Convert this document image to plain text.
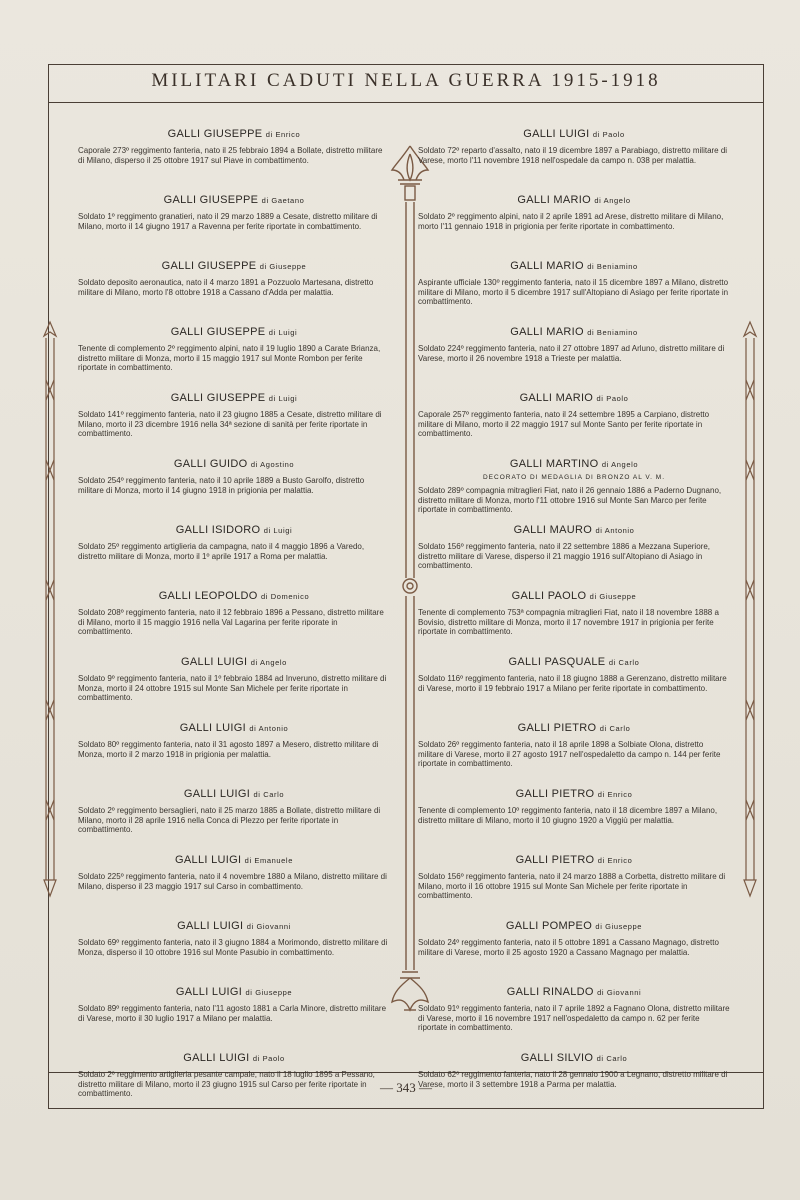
MILITARI CADUTI NELLA GUERRA 1915-1918
GALLI GIUSEPPE di Enrico
Caporale 273º reggimento fanteria, nato il 25 febbraio 1894 a Bollate, distretto militare di Milano, disperso il 25 ottobre 1917 sul Piave in combattimento.
GALLI GIUSEPPE di Gaetano
Soldato 1º reggimento granatieri, nato il 29 marzo 1889 a Cesate, distretto militare di Milano, morto il 14 giugno 1917 a Ravenna per ferite riportate in combattimento.
GALLI GIUSEPPE di Giuseppe
Soldato deposito aeronautica, nato il 4 marzo 1891 a Pozzuolo Martesana, distretto militare di Milano, morto l'8 ottobre 1918 a Cassano d'Adda per malattia.
GALLI GIUSEPPE di Luigi
Tenente di complemento 2º reggimento alpini, nato il 19 luglio 1890 a Carate Brianza, distretto militare di Monza, morto il 15 maggio 1917 sul Monte Rombon per ferite riportate in combattimento.
GALLI GIUSEPPE di Luigi
Soldato 141º reggimento fanteria, nato il 23 giugno 1885 a Cesate, distretto militare di Milano, morto il 23 dicembre 1916 nella 34ª sezione di sanità per ferite riportate in combattimento.
GALLI GUIDO di Agostino
Soldato 254º reggimento fanteria, nato il 10 aprile 1889 a Busto Garolfo, distretto militare di Monza, morto il 14 giugno 1918 in prigionia per malattia.
GALLI ISIDORO di Luigi
Soldato 25º reggimento artiglieria da campagna, nato il 4 maggio 1896 a Varedo, distretto militare di Monza, morto il 1º aprile 1917 a Roma per malattia.
GALLI LEOPOLDO di Domenico
Soldato 208º reggimento fanteria, nato il 12 febbraio 1896 a Pessano, distretto militare di Milano, morto il 15 maggio 1916 nella Val Lagarina per ferite riporate in combattimento.
GALLI LUIGI di Angelo
Soldato 9º reggimento fanteria, nato il 1º febbraio 1884 ad Inveruno, distretto militare di Monza, morto il 24 ottobre 1915 sul Monte San Michele per ferite riportate in combattimento.
GALLI LUIGI di Antonio
Soldato 80º reggimento fanteria, nato il 31 agosto 1897 a Mesero, distretto militare di Monza, morto il 2 marzo 1918 in prigionia per malattia.
GALLI LUIGI di Carlo
Soldato 2º reggimento bersaglieri, nato il 25 marzo 1885 a Bollate, distretto militare di Milano, morto il 28 aprile 1916 nella Conca di Plezzo per ferite riportate in combattimento.
GALLI LUIGI di Emanuele
Soldato 225º reggimento fanteria, nato il 4 novembre 1880 a Milano, distretto militare di Milano, disperso il 23 maggio 1917 sul Carso in combattimento.
GALLI LUIGI di Giovanni
Soldato 69º reggimento fanteria, nato il 3 giugno 1884 a Morimondo, distretto militare di Monza, disperso il 10 ottobre 1916 sul Monte Pasubio in combattimento.
GALLI LUIGI di Giuseppe
Soldato 89º reggimento fanteria, nato l'11 agosto 1881 a Carla Minore, distretto militare di Varese, morto il 30 luglio 1917 a Milano per malattia.
GALLI LUIGI di Paolo
Soldato 2º reggimento artiglieria pesante campale, nato il 18 luglio 1895 a Pessano, distretto militare di Milano, morto il 23 giugno 1915 sul Carso per ferite riportate in combattimento.
GALLI LUIGI di Paolo
Soldato 72º reparto d'assalto, nato il 19 dicembre 1897 a Parabiago, distretto militare di Varese, morto l'11 novembre 1918 nell'ospedale da campo n. 038 per malattia.
GALLI MARIO di Angelo
Soldato 2º reggimento alpini, nato il 2 aprile 1891 ad Arese, distretto militare di Milano, morto l'11 gennaio 1918 in prigionia per ferite riportate in combattimento.
GALLI MARIO di Beniamino
Aspirante ufficiale 130º reggimento fanteria, nato il 15 dicembre 1897 a Milano, distretto militare di Milano, morto il 5 dicembre 1917 sull'Altopiano di Asiago per ferite riportate in combattimento.
GALLI MARIO di Beniamino
Soldato 224º reggimento fanteria, nato il 27 ottobre 1897 ad Arluno, distretto militare di Varese, morto il 26 novembre 1918 a Trieste per malattia.
GALLI MARIO di Paolo
Caporale 257º reggimento fanteria, nato il 24 settembre 1895 a Carpiano, distretto militare di Milano, morto il 22 maggio 1917 sul Monte Santo per ferite riportate in combattimento.
GALLI MARTINO di Angelo
DECORATO DI MEDAGLIA DI BRONZO AL V. M.
Soldato 289º compagnia mitraglieri Fiat, nato il 26 gennaio 1886 a Paderno Dugnano, distretto militare di Monza, morto l'11 ottobre 1916 sul Monte San Marco per ferite riportate in combattimento.
GALLI MAURO di Antonio
Soldato 156º reggimento fanteria, nato il 22 settembre 1886 a Mezzana Superiore, distretto militare di Varese, disperso il 21 maggio 1916 sull'Altopiano di Asiago in combattimento.
GALLI PAOLO di Giuseppe
Tenente di complemento 753ª compagnia mitraglieri Fiat, nato il 18 novembre 1888 a Bovisio, distretto militare di Monza, morto il 17 novembre 1917 in prigionia per ferite riportate in combattimento.
GALLI PASQUALE di Carlo
Soldato 116º reggimento fanteria, nato il 18 giugno 1888 a Gerenzano, distretto militare di Varese, morto il 19 febbraio 1917 a Milano per ferite riportate in combattimento.
GALLI PIETRO di Carlo
Soldato 26º reggimento fanteria, nato il 18 aprile 1898 a Solbiate Olona, distretto militare di Varese, morto il 27 agosto 1917 nell'ospedaletto da campo n. 144 per ferite riportate in combattimento.
GALLI PIETRO di Enrico
Tenente di complemento 10º reggimento fanteria, nato il 18 dicembre 1897 a Milano, distretto militare di Milano, morto il 10 giugno 1920 a Viggiù per malattia.
GALLI PIETRO di Enrico
Soldato 156º reggimento fanteria, nato il 24 marzo 1888 a Corbetta, distretto militare di Milano, morto il 16 ottobre 1915 sul Monte San Michele per ferite riportate in combattimento.
GALLI POMPEO di Giuseppe
Soldato 24º reggimento fanteria, nato il 5 ottobre 1891 a Cassano Magnago, distretto militare di Varese, morto il 25 agosto 1920 a Cassano Magnago per malattia.
GALLI RINALDO di Giovanni
Soldato 91º reggimento fanteria, nato il 7 aprile 1892 a Fagnano Olona, distretto militare di Varese, morto il 16 novembre 1917 nell'ospedaletto da campo n. 62 per ferite riportate in combattimento.
GALLI SILVIO di Carlo
Soldato 62º reggimento fanteria, nato il 28 gennaio 1900 a Legnano, distretto militare di Varese, morto il 3 settembre 1918 a Parma per malattia.
— 343 —
